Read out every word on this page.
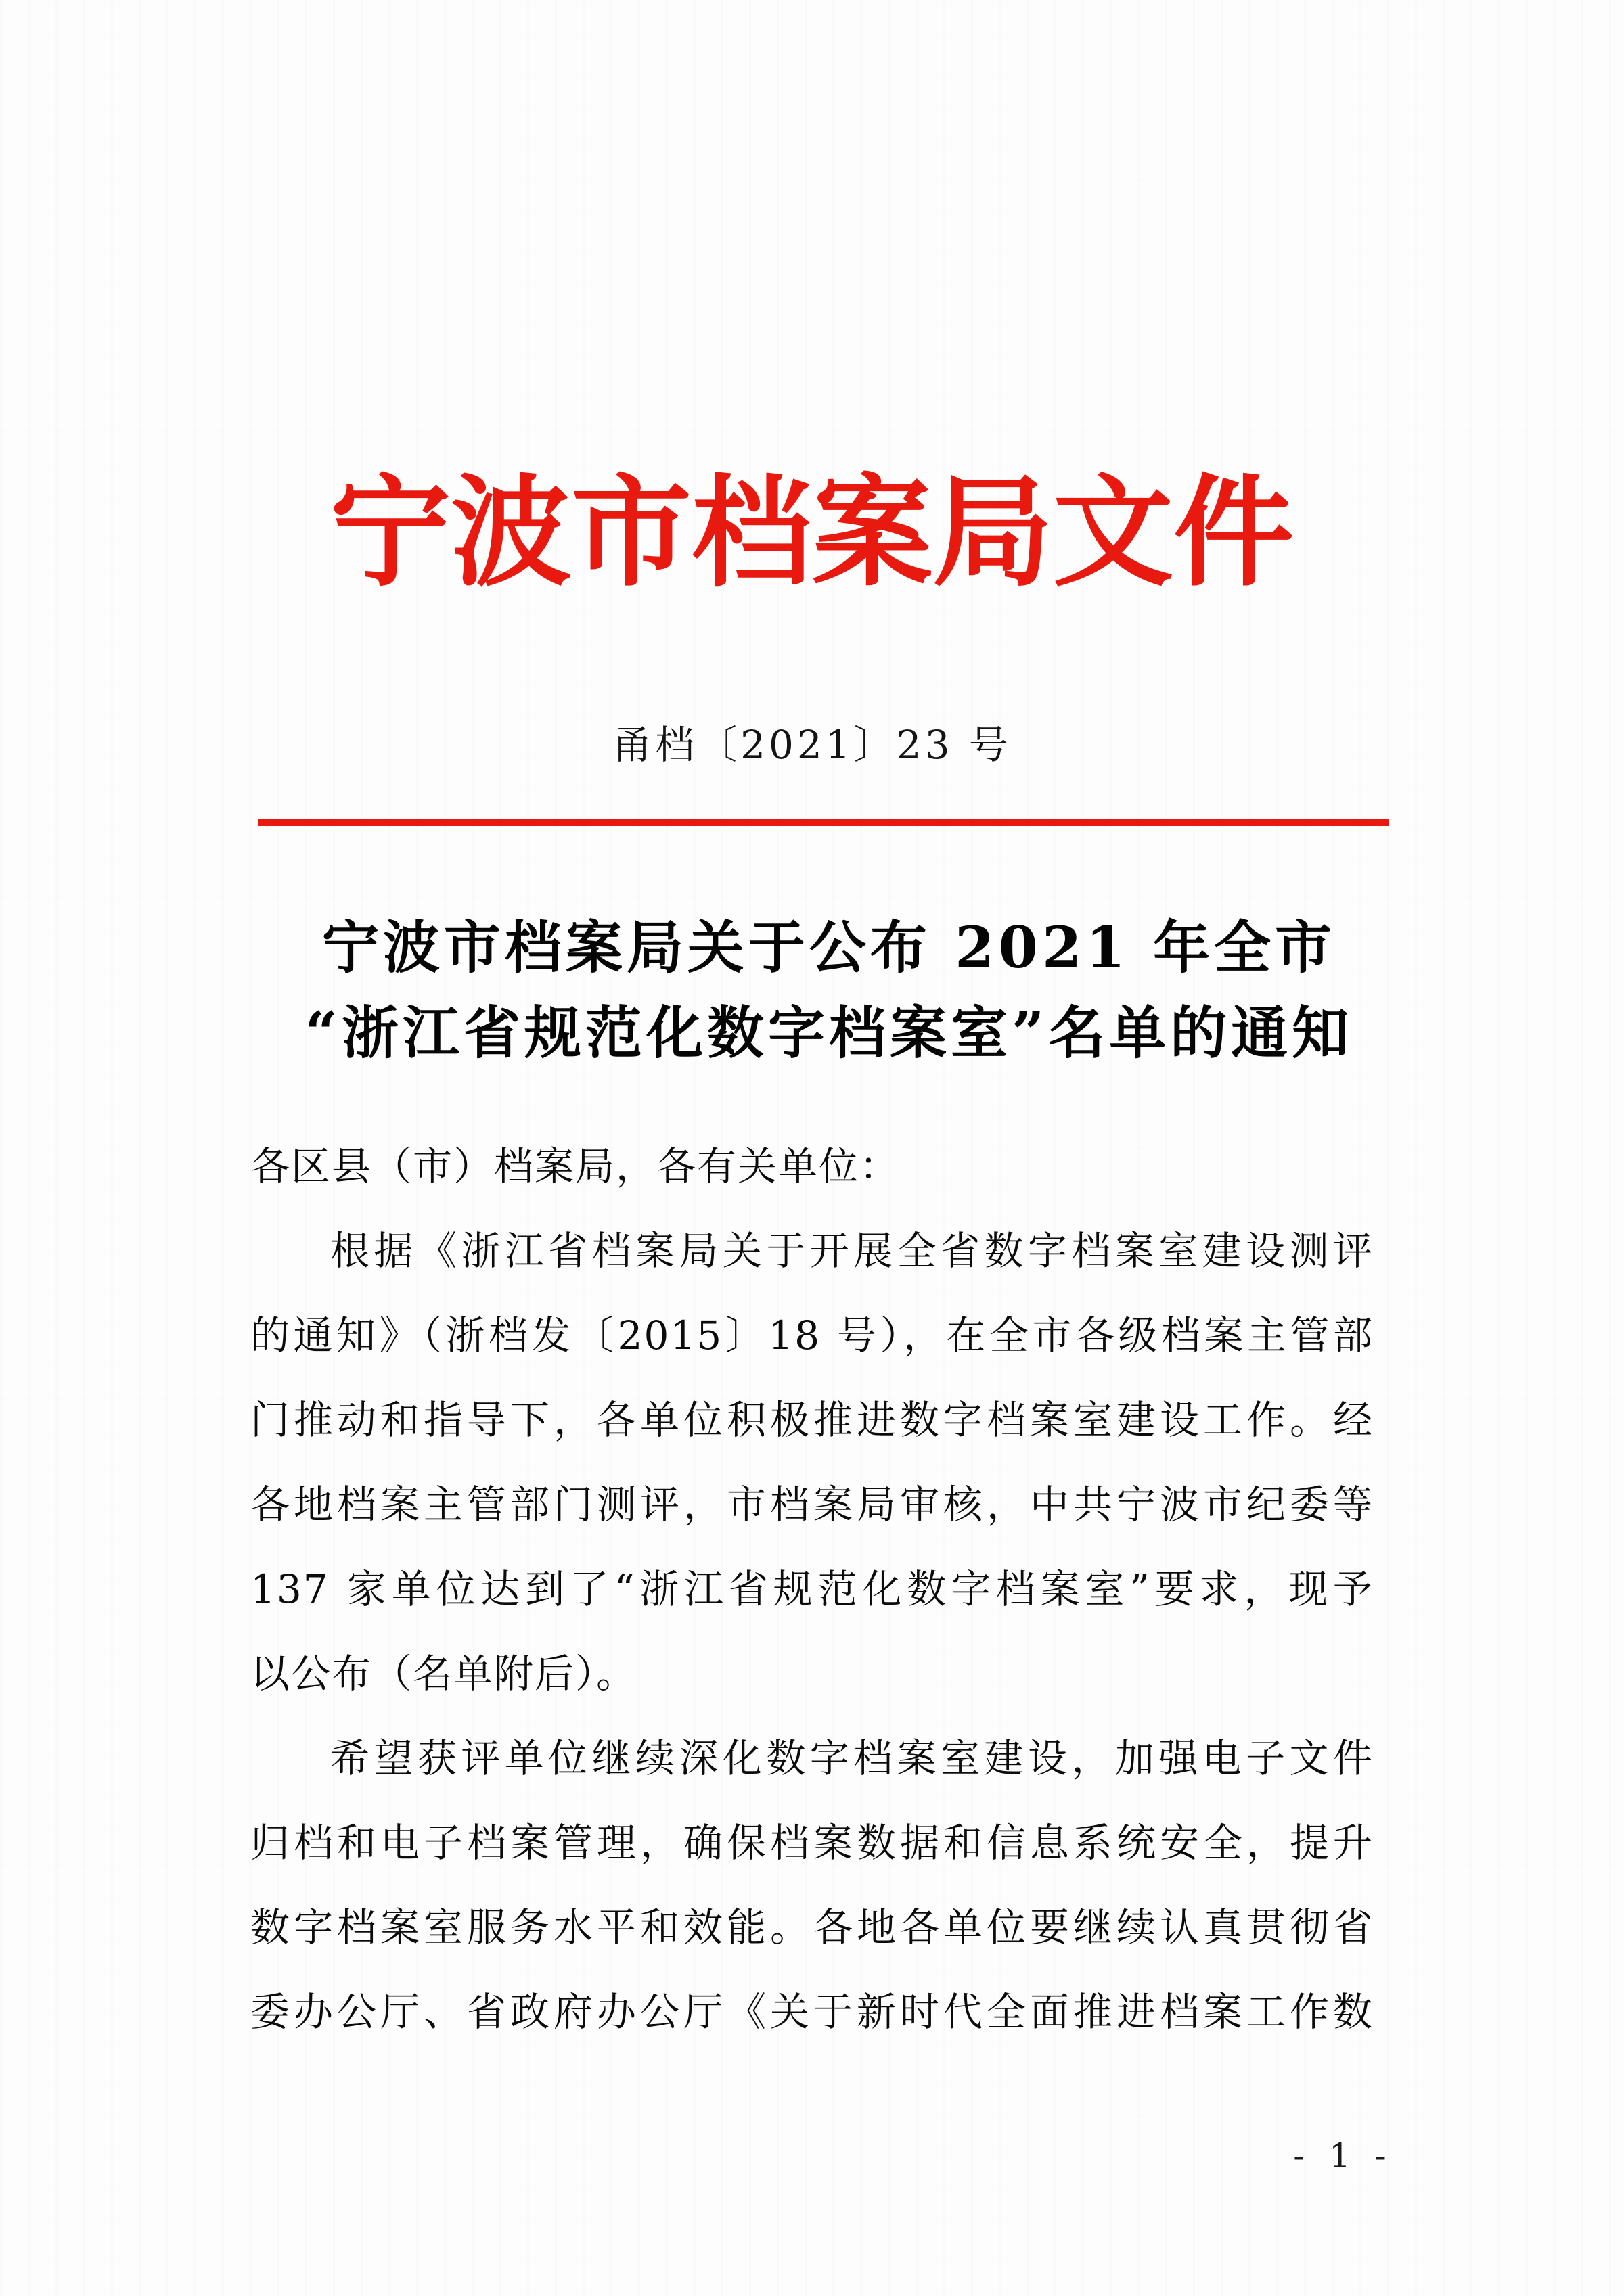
宁波市档案局文件
甬档〔2021〕23 号
宁波市档案局关于公布 2021 年全市
“浙江省规范化数字档案室”名单的通知
各区县（市）档案局，各有关单位：
根据《浙江省档案局关于开展全省数字档案室建设测评
的通知》（浙档发〔2015〕18 号），在全市各级档案主管部
门推动和指导下，各单位积极推进数字档案室建设工作。经
各地档案主管部门测评，市档案局审核，中共宁波市纪委等
137 家单位达到了“浙江省规范化数字档案室”要求，现予
以公布（名单附后）。
希望获评单位继续深化数字档案室建设，加强电子文件
归档和电子档案管理，确保档案数据和信息系统安全，提升
数字档案室服务水平和效能。各地各单位要继续认真贯彻省
委办公厅、省政府办公厅《关于新时代全面推进档案工作数
- 1 -
